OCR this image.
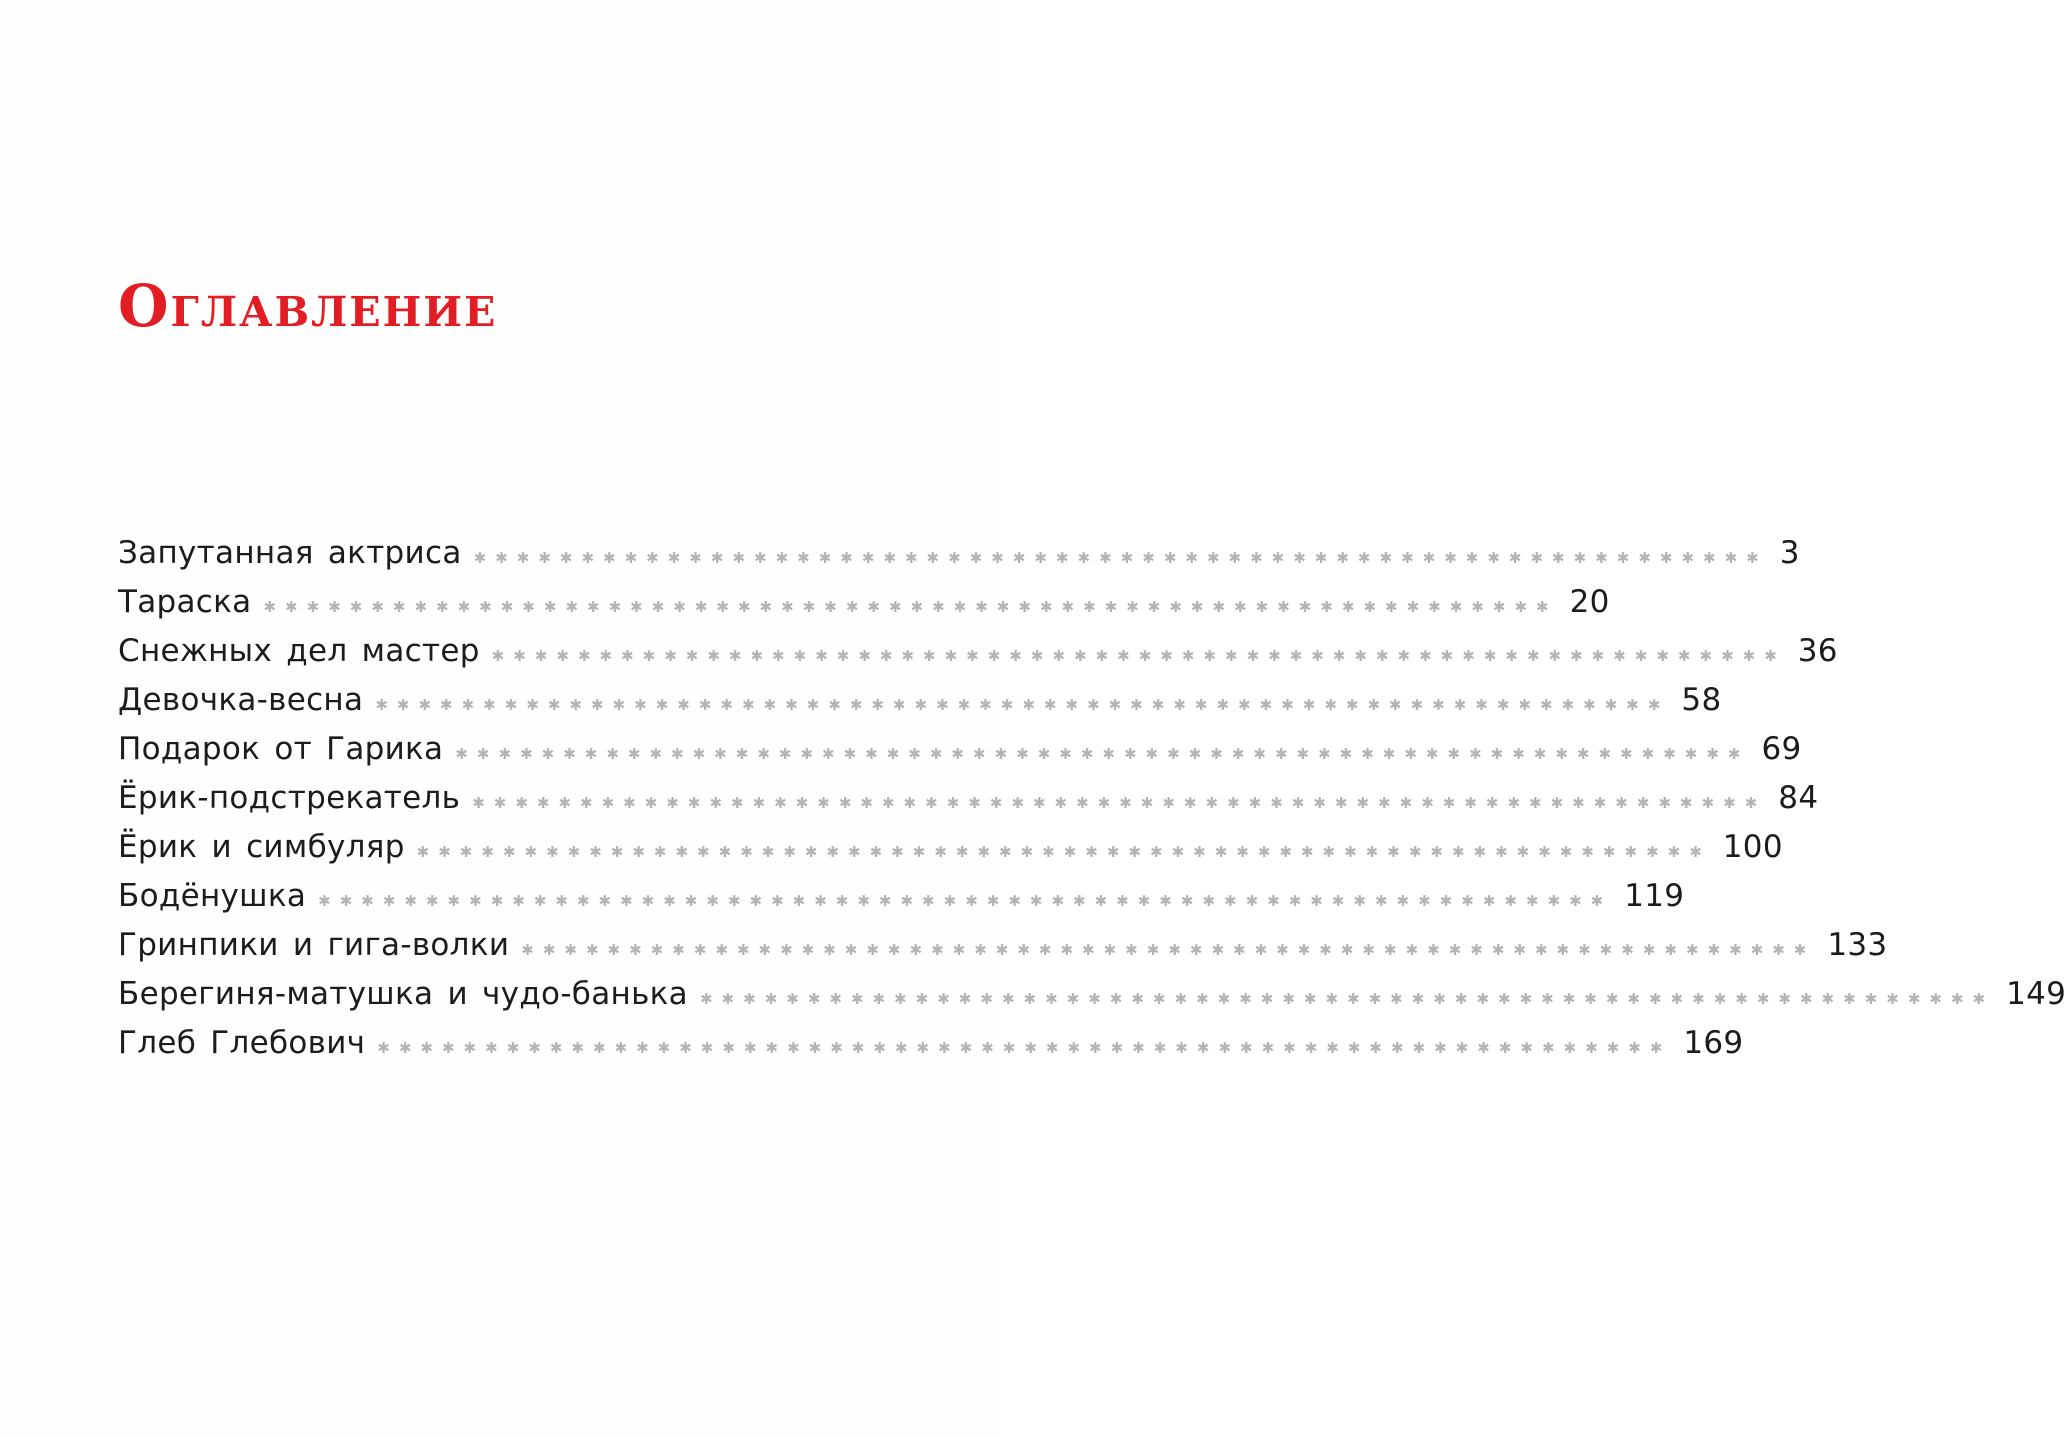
Оглавление
Запутанная актриса ✱✱✱✱✱✱✱✱✱✱✱✱✱✱✱✱✱✱✱✱✱✱✱✱✱✱✱✱✱✱✱✱✱✱✱✱✱✱✱✱✱✱✱✱✱✱✱✱✱✱✱✱✱✱✱✱✱✱✱✱ 3
Тараска ✱✱✱✱✱✱✱✱✱✱✱✱✱✱✱✱✱✱✱✱✱✱✱✱✱✱✱✱✱✱✱✱✱✱✱✱✱✱✱✱✱✱✱✱✱✱✱✱✱✱✱✱✱✱✱✱✱✱✱✱ 20
Снежных дел мастер ✱✱✱✱✱✱✱✱✱✱✱✱✱✱✱✱✱✱✱✱✱✱✱✱✱✱✱✱✱✱✱✱✱✱✱✱✱✱✱✱✱✱✱✱✱✱✱✱✱✱✱✱✱✱✱✱✱✱✱✱ 36
Девочка-весна ✱✱✱✱✱✱✱✱✱✱✱✱✱✱✱✱✱✱✱✱✱✱✱✱✱✱✱✱✱✱✱✱✱✱✱✱✱✱✱✱✱✱✱✱✱✱✱✱✱✱✱✱✱✱✱✱✱✱✱✱ 58
Подарок от Гарика ✱✱✱✱✱✱✱✱✱✱✱✱✱✱✱✱✱✱✱✱✱✱✱✱✱✱✱✱✱✱✱✱✱✱✱✱✱✱✱✱✱✱✱✱✱✱✱✱✱✱✱✱✱✱✱✱✱✱✱✱ 69
Ёрик-подстрекатель ✱✱✱✱✱✱✱✱✱✱✱✱✱✱✱✱✱✱✱✱✱✱✱✱✱✱✱✱✱✱✱✱✱✱✱✱✱✱✱✱✱✱✱✱✱✱✱✱✱✱✱✱✱✱✱✱✱✱✱✱ 84
Ёрик и симбуляр ✱✱✱✱✱✱✱✱✱✱✱✱✱✱✱✱✱✱✱✱✱✱✱✱✱✱✱✱✱✱✱✱✱✱✱✱✱✱✱✱✱✱✱✱✱✱✱✱✱✱✱✱✱✱✱✱✱✱✱✱ 100
Бодёнушка ✱✱✱✱✱✱✱✱✱✱✱✱✱✱✱✱✱✱✱✱✱✱✱✱✱✱✱✱✱✱✱✱✱✱✱✱✱✱✱✱✱✱✱✱✱✱✱✱✱✱✱✱✱✱✱✱✱✱✱✱ 119
Гринпики и гига-волки ✱✱✱✱✱✱✱✱✱✱✱✱✱✱✱✱✱✱✱✱✱✱✱✱✱✱✱✱✱✱✱✱✱✱✱✱✱✱✱✱✱✱✱✱✱✱✱✱✱✱✱✱✱✱✱✱✱✱✱✱ 133
Берегиня-матушка и чудо-банька ✱✱✱✱✱✱✱✱✱✱✱✱✱✱✱✱✱✱✱✱✱✱✱✱✱✱✱✱✱✱✱✱✱✱✱✱✱✱✱✱✱✱✱✱✱✱✱✱✱✱✱✱✱✱✱✱✱✱✱✱ 149
Глеб Глебович ✱✱✱✱✱✱✱✱✱✱✱✱✱✱✱✱✱✱✱✱✱✱✱✱✱✱✱✱✱✱✱✱✱✱✱✱✱✱✱✱✱✱✱✱✱✱✱✱✱✱✱✱✱✱✱✱✱✱✱✱ 169
